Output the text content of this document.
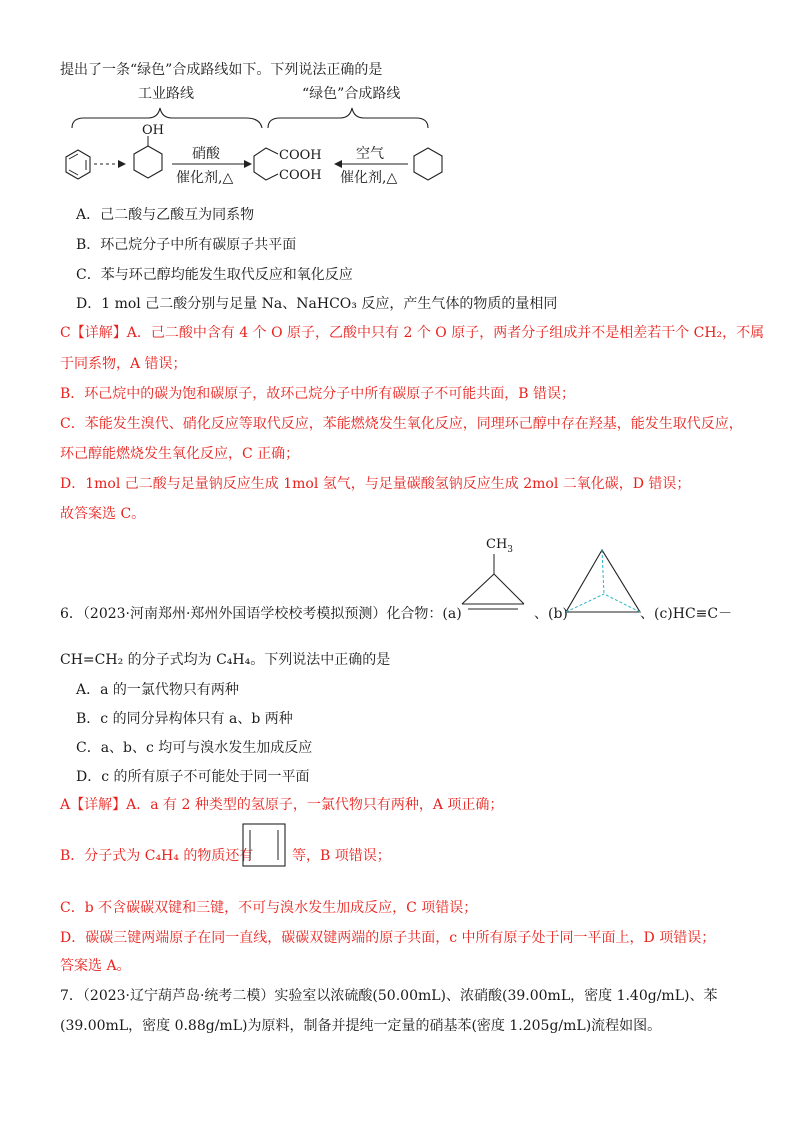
提出了一条“绿色”合成路线如下。下列说法正确的是
工业路线	“绿色”合成路线
OH
硝酸
催化剂,△
COOH
COOH
空气
催化剂,△
A．己二酸与乙酸互为同系物
B．环己烷分子中所有碳原子共平面
C．苯与环己醇均能发生取代反应和氧化反应
D．1 mol 己二酸分别与足量 Na、NaHCO₃ 反应，产生气体的物质的量相同
C【详解】A．己二酸中含有 4 个 O 原子，乙酸中只有 2 个 O 原子，两者分子组成并不是相差若干个 CH₂，不属
于同系物，A 错误；
B．环己烷中的碳为饱和碳原子，故环己烷分子中所有碳原子不可能共面，B 错误；
C．苯能发生溴代、硝化反应等取代反应，苯能燃烧发生氧化反应，同理环己醇中存在羟基，能发生取代反应，
环己醇能燃烧发生氧化反应，C 正确；
D．1mol 己二酸与足量钠反应生成 1mol 氢气，与足量碳酸氢钠反应生成 2mol 二氧化碳，D 错误；
故答案选 C。
6．（2023·河南郑州·郑州外国语学校校考模拟预测）化合物：(a)
$CH_3$
、(b)	、(c)HC≡C－
CH=CH₂ 的分子式均为 C₄H₄。下列说法中正确的是
A．a 的一氯代物只有两种
B．c 的同分异构体只有 a、b 两种
C．a、b、c 均可与溴水发生加成反应
D．c 的所有原子不可能处于同一平面
A【详解】A．a 有 2 种类型的氢原子，一氯代物只有两种，A 项正确；
B．分子式为 C₄H₄ 的物质还有	等，B 项错误；
C．b 不含碳碳双键和三键，不可与溴水发生加成反应，C 项错误；
D．碳碳三键两端原子在同一直线，碳碳双键两端的原子共面，c 中所有原子处于同一平面上，D 项错误；
答案选 A。
7．（2023·辽宁葫芦岛·统考二模）实验室以浓硫酸(50.00mL)、浓硝酸(39.00mL，密度 1.40g/mL)、苯
(39.00mL，密度 0.88g/mL)为原料，制备并提纯一定量的硝基苯(密度 1.205g/mL)流程如图。
